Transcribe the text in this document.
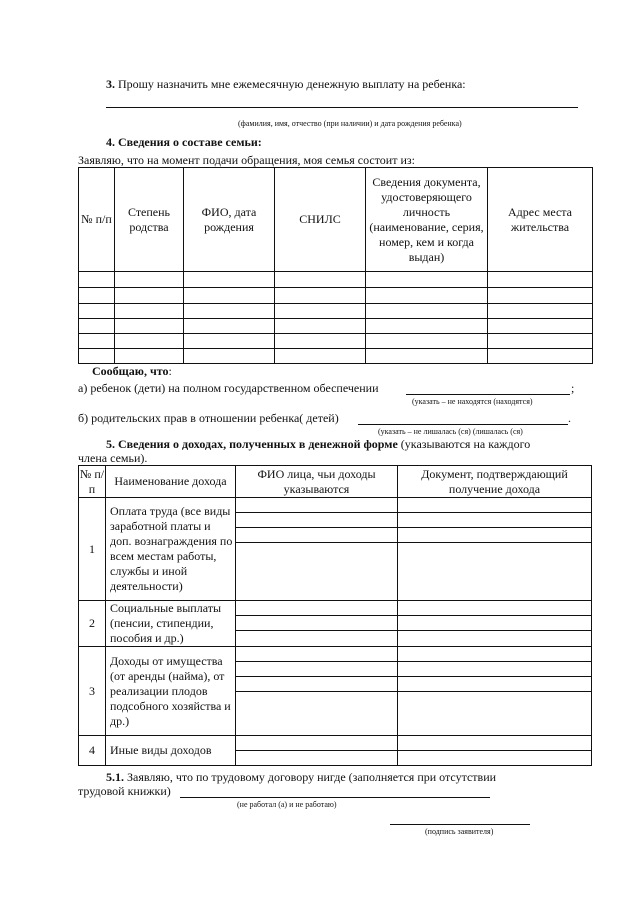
3. Прошу назначить мне ежемесячную денежную выплату на ребенка:
(фамилия, имя, отчество (при наличии) и дата рождения ребенка)
4. Сведения о составе семьи:
Заявляю, что на момент подачи обращения, моя семья состоит из:
№ п/п	Степень родства	ФИО, дата рождения	СНИЛС	Сведения документа, удостоверяющего личность (наименование, серия, номер, кем и когда выдан)	Адрес места жительства

Сообщаю, что:
а) ребенок (дети) на полном государственном обеспечении	;
(указать – не находятся (находятся)
б) родительских прав в отношении ребенка( детей)	.
(указать – не лишалась (ся) (лишалась (ся)
5. Сведения о доходах, полученных в денежной форме (указываются на каждого
члена семьи).
№ п/п	Наименование дохода	ФИО лица, чьи доходы указываются	Документ, подтверждающий получение дохода
1	Оплата труда (все виды заработной платы и доп. вознаграждения по всем местам работы, службы и иной деятельности)		

2	Социальные выплаты (пенсии, стипендии, пособия и др.)		

3	Доходы от имущества (от аренды (найма), от реализации плодов подсобного хозяйства и др.)		

4	Иные виды доходов		

5.1. Заявляю, что по трудовому договору нигде (заполняется при отсутствии
трудовой книжки)
(не работал (а) и не работаю)
(подпись заявителя)
